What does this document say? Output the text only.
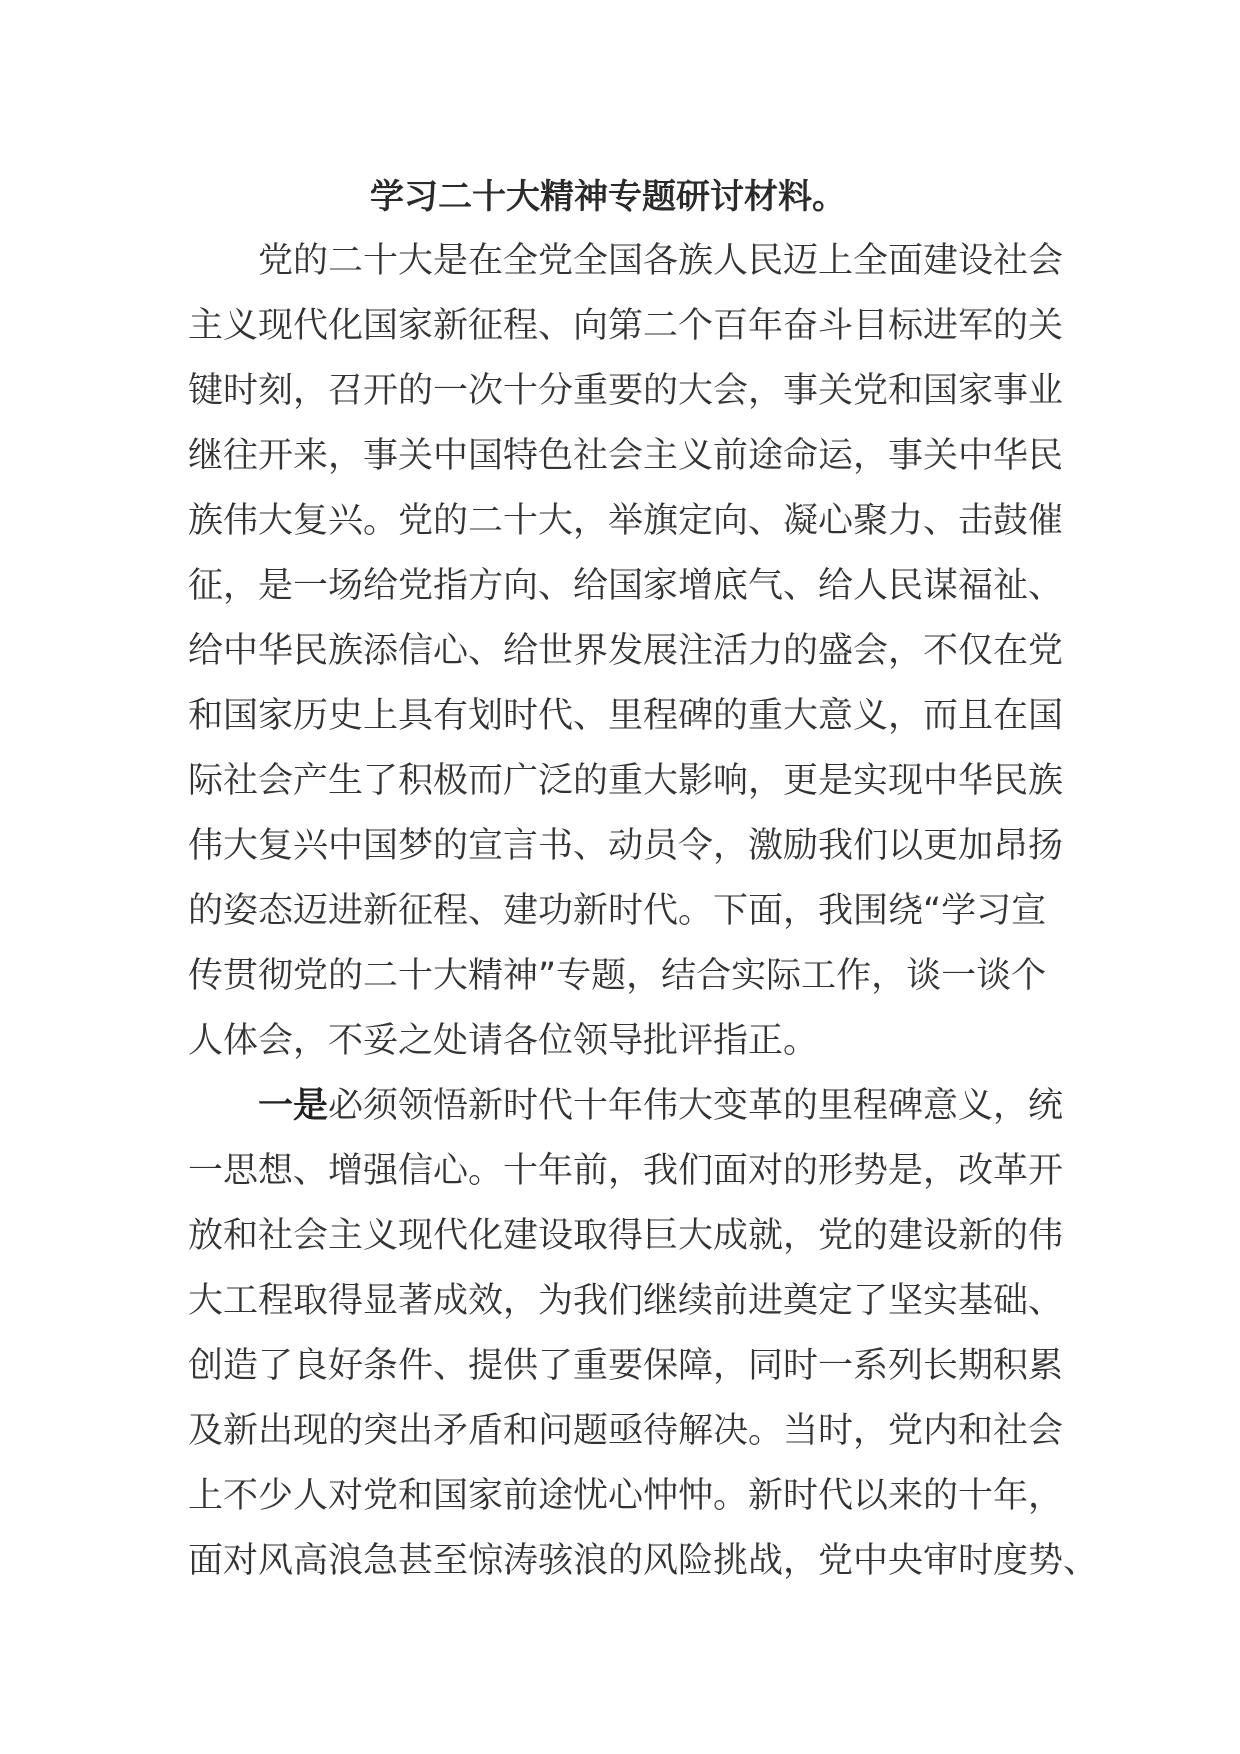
学习二十大精神专题研讨材料。
　　党的二十大是在全党全国各族人民迈上全面建设社会
主义现代化国家新征程、向第二个百年奋斗目标进军的关
键时刻，召开的一次十分重要的大会，事关党和国家事业
继往开来，事关中国特色社会主义前途命运，事关中华民
族伟大复兴。党的二十大，举旗定向、凝心聚力、击鼓催
征，是一场给党指方向、给国家增底气、给人民谋福祉、
给中华民族添信心、给世界发展注活力的盛会，不仅在党
和国家历史上具有划时代、里程碑的重大意义，而且在国
际社会产生了积极而广泛的重大影响，更是实现中华民族
伟大复兴中国梦的宣言书、动员令，激励我们以更加昂扬
的姿态迈进新征程、建功新时代。下面，我围绕“学习宣
传贯彻党的二十大精神”专题，结合实际工作，谈一谈个
人体会，不妥之处请各位领导批评指正。
　　一是必须领悟新时代十年伟大变革的里程碑意义，统
一思想、增强信心。十年前，我们面对的形势是，改革开
放和社会主义现代化建设取得巨大成就，党的建设新的伟
大工程取得显著成效，为我们继续前进奠定了坚实基础、
创造了良好条件、提供了重要保障，同时一系列长期积累
及新出现的突出矛盾和问题亟待解决。当时，党内和社会
上不少人对党和国家前途忧心忡忡。新时代以来的十年，
面对风高浪急甚至惊涛骇浪的风险挑战，党中央审时度势、
